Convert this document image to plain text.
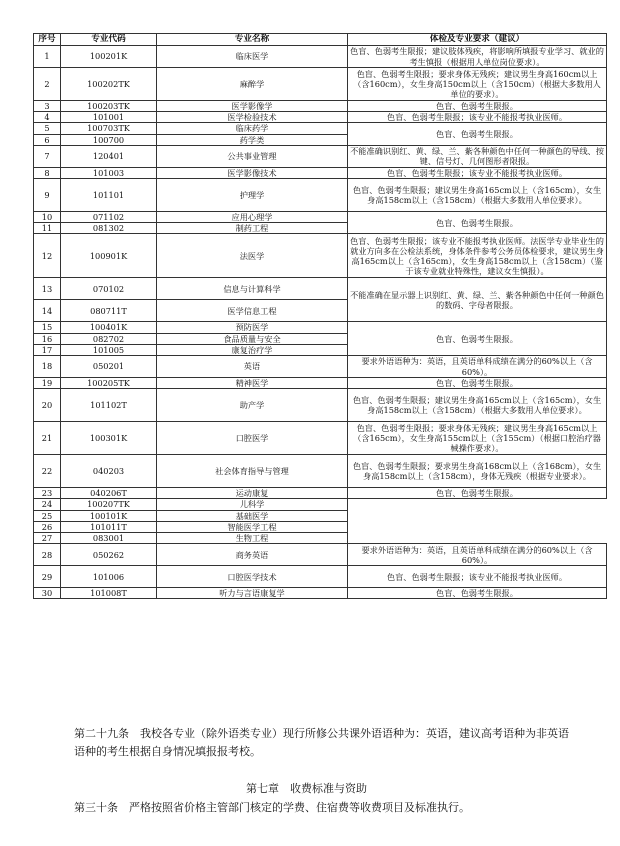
序号	专业代码	专业名称	体检及专业要求（建议）
1	100201K	临床医学	色盲、色弱考生限报；建议肢体残疾，将影响所填报专业学习、就业的考生慎报（根据用人单位岗位要求）。
2	100202TK	麻醉学	色盲、色弱考生限报；要求身体无残疾；建议男生身高160cm以上（含160cm），女生身高150cm以上（含150cm）（根据大多数用人单位的要求）。
3	100203TK	医学影像学	色盲、色弱考生限报。
4	101001	医学检验技术	色盲、色弱考生限报；该专业不能报考执业医师。
5	100703TK	临床药学	色盲、色弱考生限报。
6	100700	药学类	
7	120401	公共事业管理	不能准确识别红、黄、绿、兰、紫各种颜色中任何一种颜色的导线、按键、信号灯、几何图形者限报。
8	101003	医学影像技术	色盲、色弱考生限报；该专业不能报考执业医师。
9	101101	护理学	色盲、色弱考生限报；建议男生身高165cm以上（含165cm），女生身高158cm以上（含158cm）（根据大多数用人单位要求）。
10	071102	应用心理学	色盲、色弱考生限报。
11	081302	制药工程	
12	100901K	法医学	色盲、色弱考生限报；该专业不能报考执业医师。法医学专业毕业生的就业方向多在公检法系统，身体条件参考公务员体检要求，建议男生身高165cm以上（含165cm），女生身高158cm以上（含158cm）（鉴于该专业就业特殊性，建议女生慎报）。
13	070102	信息与计算科学	不能准确在显示器上识别红、黄、绿、兰、紫各种颜色中任何一种颜色的数码、字母者限报。
14	080711T	医学信息工程	
15	100401K	预防医学	色盲、色弱考生限报。
16	082702	食品质量与安全	
17	101005	康复治疗学	
18	050201	英语	要求外语语种为：英语，且英语单科成绩在满分的60%以上（含60%）。
19	100205TK	精神医学	色盲、色弱考生限报。
20	101102T	助产学	色盲、色弱考生限报；建议男生身高165cm以上（含165cm），女生身高158cm以上（含158cm）（根据大多数用人单位要求）。
21	100301K	口腔医学	色盲、色弱考生限报；要求身体无残疾；建议男生身高165cm以上（含165cm），女生身高155cm以上（含155cm）（根据口腔治疗器械操作要求）。
22	040203	社会体育指导与管理	色盲、色弱考生限报；要求男生身高168cm以上（含168cm），女生身高158cm以上（含158cm），身体无残疾（根据专业要求）。
23	040206T	运动康复	色盲、色弱考生限报。
24	100207TK	儿科学	
25	100101K	基础医学	
26	101011T	智能医学工程	
27	083001	生物工程	
28	050262	商务英语	要求外语语种为：英语，且英语单科成绩在满分的60%以上（含60%）。
29	101006	口腔医学技术	色盲、色弱考生限报；该专业不能报考执业医师。
30	101008T	听力与言语康复学	色盲、色弱考生限报。
第二十九条　我校各专业（除外语类专业）现行所修公共课外语语种为：英语，建议高考语种为非英语语种的考生根据自身情况填报报考校。
第七章　收费标准与资助
第三十条　严格按照省价格主管部门核定的学费、住宿费等收费项目及标准执行。
